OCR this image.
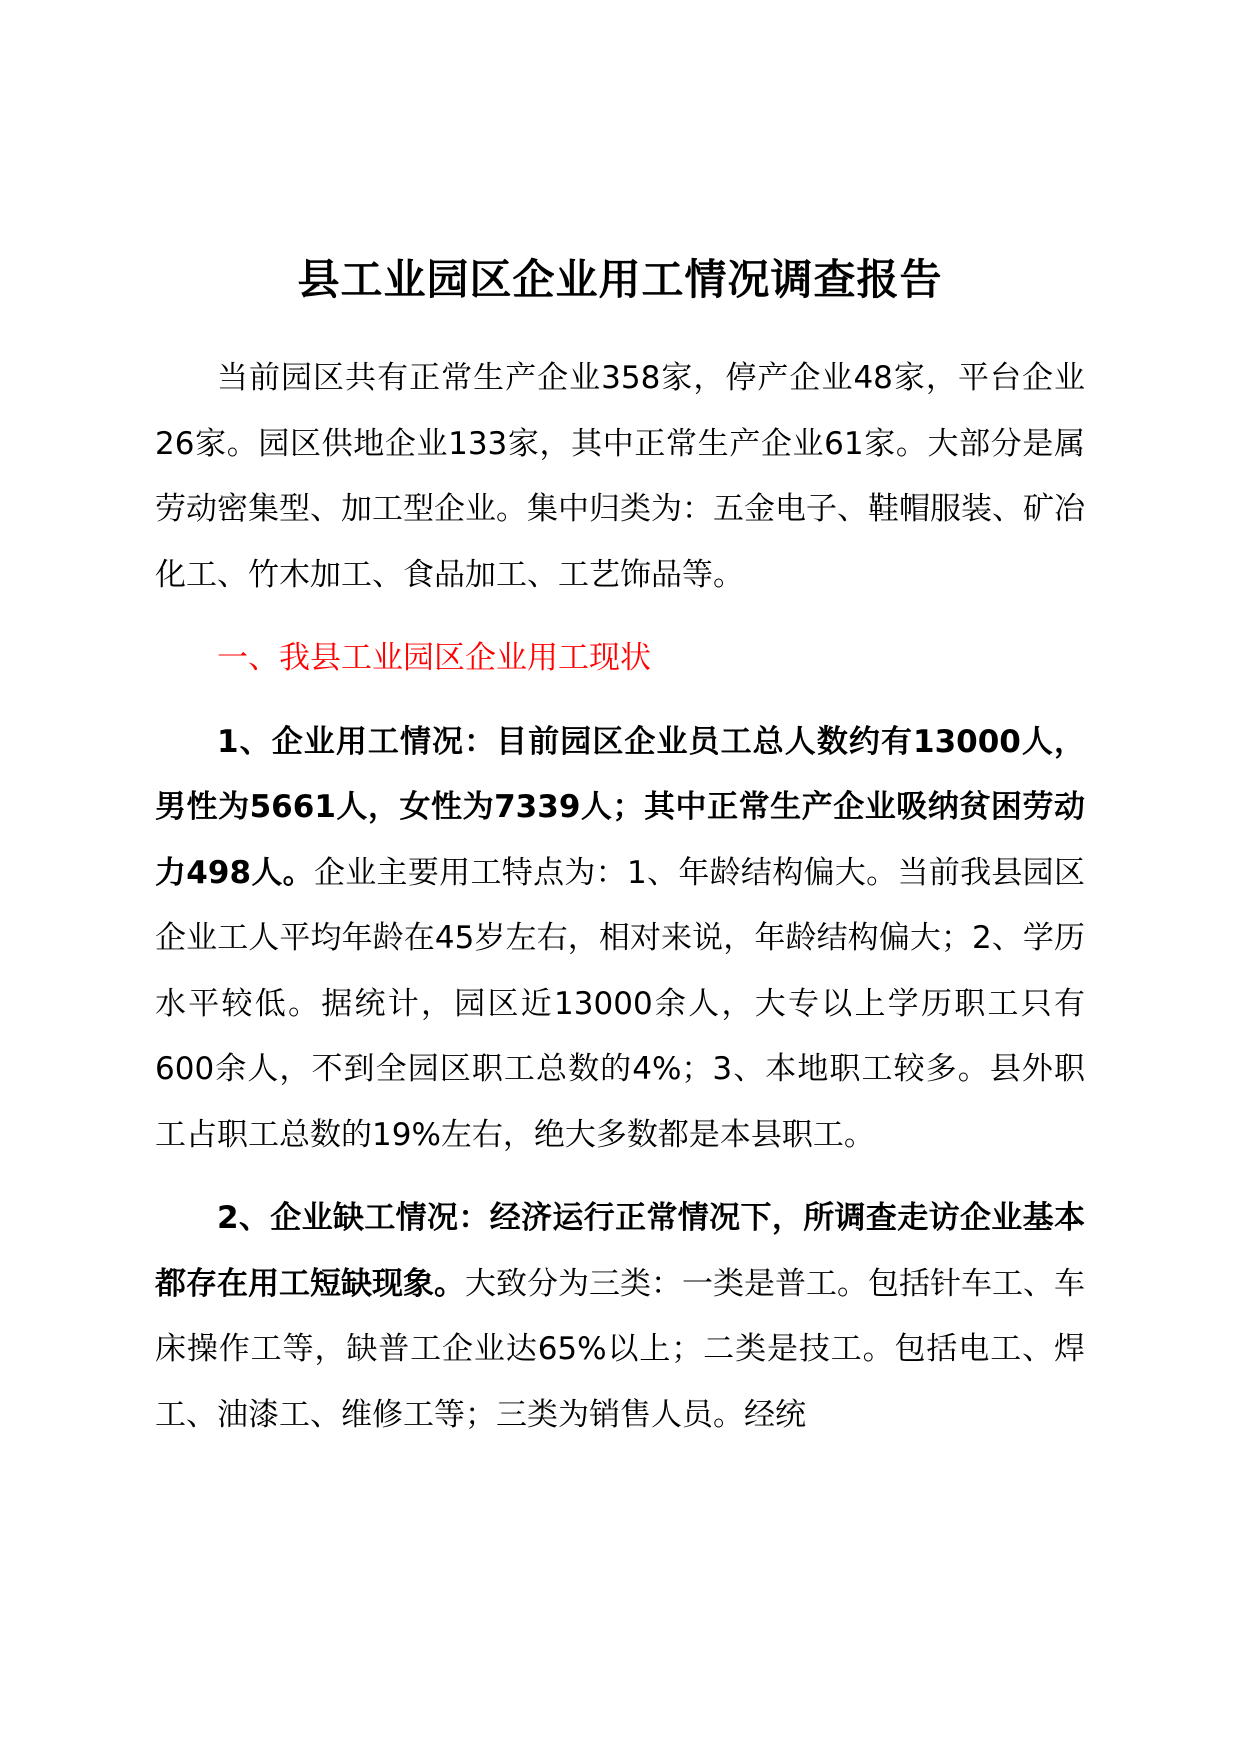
县工业园区企业用工情况调查报告

当前园区共有正常生产企业358家，停产企业48家，平台企业26家。园区供地企业133家，其中正常生产企业61家。大部分是属劳动密集型、加工型企业。集中归类为：五金电子、鞋帽服装、矿冶化工、竹木加工、食品加工、工艺饰品等。

一、我县工业园区企业用工现状

1、企业用工情况：目前园区企业员工总人数约有13000人，男性为5661人，女性为7339人；其中正常生产企业吸纳贫困劳动力498人。企业主要用工特点为：1、年龄结构偏大。当前我县园区企业工人平均年龄在45岁左右，相对来说，年龄结构偏大；2、学历水平较低。据统计，园区近13000余人，大专以上学历职工只有600余人，不到全园区职工总数的4%；3、本地职工较多。县外职工占职工总数的19%左右，绝大多数都是本县职工。

2、企业缺工情况：经济运行正常情况下，所调查走访企业基本都存在用工短缺现象。大致分为三类：一类是普工。包括针车工、车床操作工等，缺普工企业达65%以上；二类是技工。包括电工、焊工、油漆工、维修工等；三类为销售人员。经统
